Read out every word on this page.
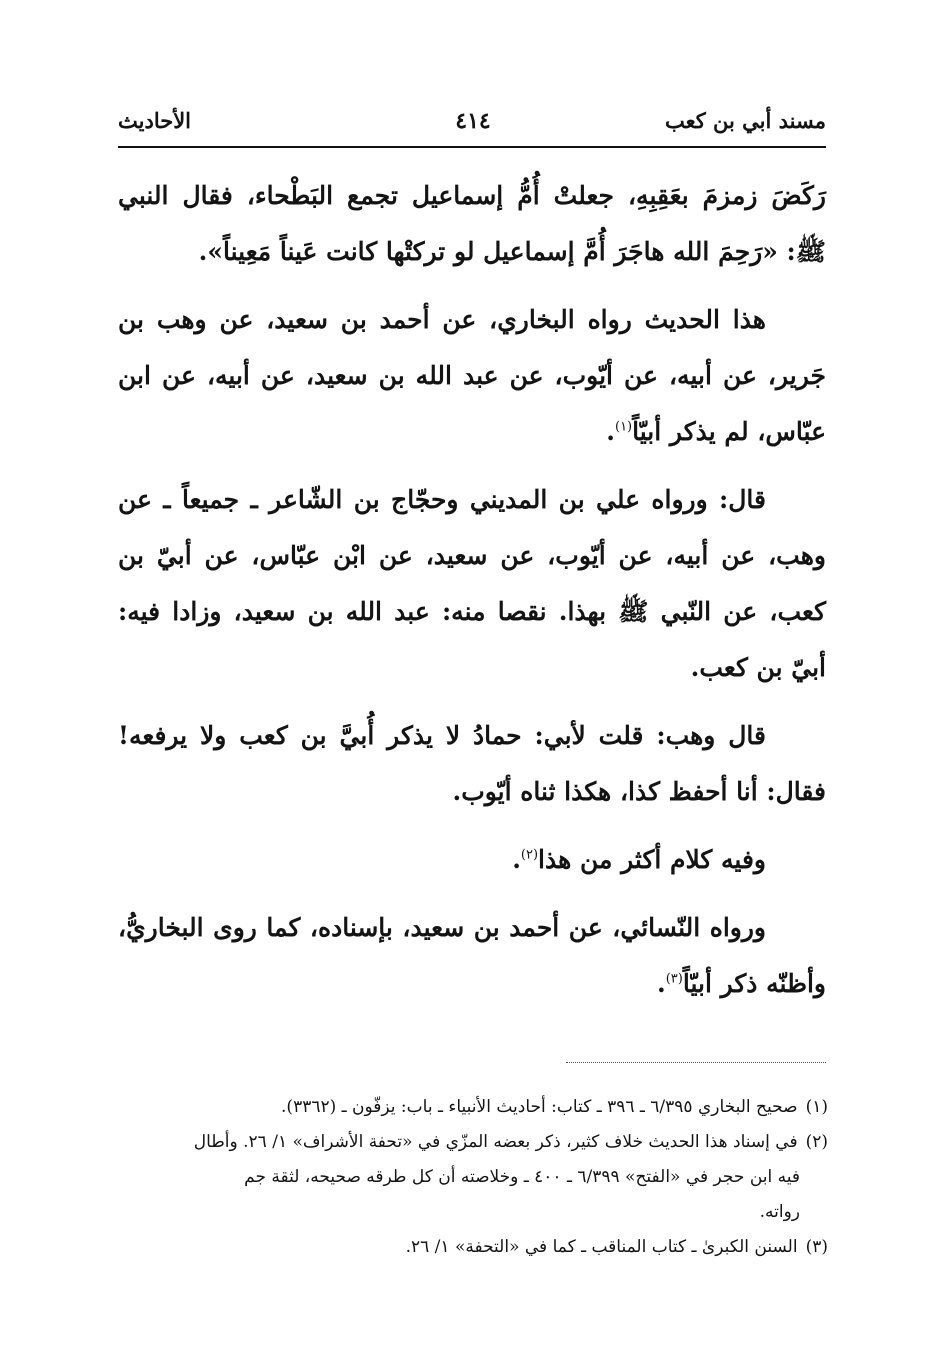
مسند أبي بن كعب
٤١٤
الأحاديث

رَكَضَ زمزمَ بعَقِبِهِ، جعلتْ أُمُّ إسماعيل تجمع البَطْحاء، فقال النبي ﷺ: «رَحِمَ الله هاجَرَ أُمَّ إسماعيل لو تركتْها كانت عَيناً مَعِيناً».

هذا الحديث رواه البخاري، عن أحمد بن سعيد، عن وهب بن جَرير، عن أبيه، عن أيّوب، عن عبد الله بن سعيد، عن أبيه، عن ابن عبّاس، لم يذكر أبيّاً$^{(١)}$.

قال: ورواه علي بن المديني وحجّاج بن الشّاعر ـ جميعاً ـ عن وهب، عن أبيه، عن أيّوب، عن سعيد، عن ابْن عبّاس، عن أبيّ بن كعب، عن النّبي ﷺ بهذا. نقصا منه: عبد الله بن سعيد، وزادا فيه: أبيّ بن كعب.

قال وهب: قلت لأبي: حمادُ لا يذكر أُبيَّ بن كعب ولا يرفعه! فقال: أنا أحفظ كذا، هكذا ثناه أيّوب.

وفيه كلام أكثر من هذا$^{(٢)}$.

ورواه النّسائي، عن أحمد بن سعيد، بإسناده، كما روى البخاريُّ، وأظنّه ذكر أبيّاً$^{(٣)}$.

(١)صحيح البخاري ٦/٣٩٥ ـ ٣٩٦ ـ كتاب: أحاديث الأنبياء ـ باب: يزفّون ـ (٣٣٦٢).

(٢)في إسناد هذا الحديث خلاف كثير، ذكر بعضه المزّي في «تحفة الأشراف» ١/ ٢٦. وأطال

فيه ابن حجر في «الفتح» ٦/٣٩٩ ـ ٤٠٠ ـ وخلاصته أن كل طرقه صحيحه، لثقة جم

رواته.

(٣)السنن الكبرىٰ ـ كتاب المناقب ـ كما في «التحفة» ١/ ٢٦.
